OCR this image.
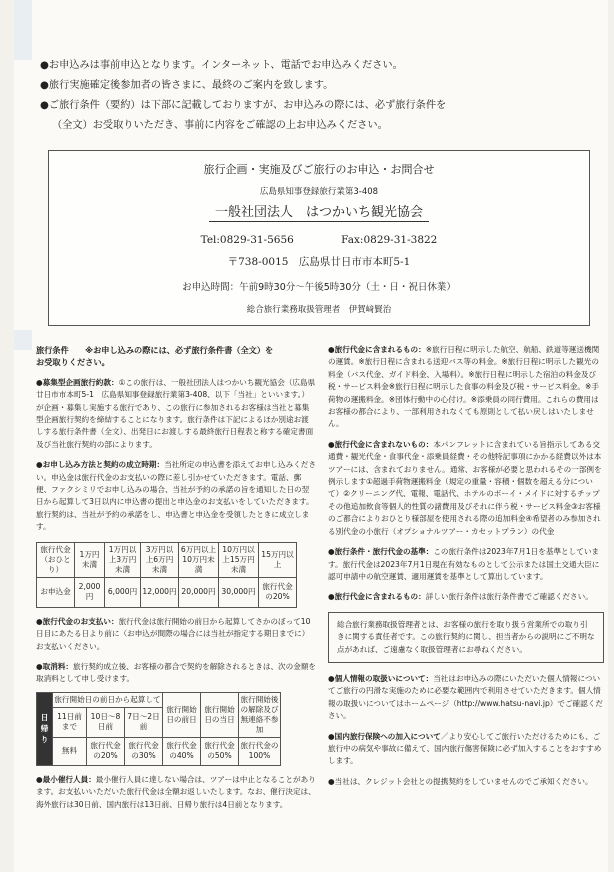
●お申込みは事前申込となります。インターネット、電話でお申込みください。
●旅行実施確定後参加者の皆さまに、最終のご案内を致します。
●ご旅行条件（要約）は下部に記載しておりますが、お申込みの際には、必ず旅行条件を
（全文）お受取りいただき、事前に内容をご確認の上お申込みください。
旅行企画・実施及びご旅行のお申込・お問合せ
広島県知事登録旅行業第3-408
一般社団法人　はつかいち観光協会
Tel:0829-31-5656	Fax:0829-31-3822
〒738-0015　広島県廿日市市本町5-1
お申込時間：午前9時30分～午後5時30分（土・日・祝日休業）
総合旅行業務取扱管理者　伊賀﨑賢治
旅行条件　　※お申し込みの際には、必ず旅行条件書（全文）を
お受取りください。
●募集型企画旅行約款：①この旅行は、一般社団法人はつかいち観光協会（広島県廿日市市本町5-1　広島県知事登録旅行業第3-408、以下「当社」といいます。）が企画・募集し実施する旅行であり、この旅行に参加されるお客様は当社と募集型企画旅行契約を締結することになります。旅行条件は下記によるほか別途お渡しする旅行条件書（全文）、出発日にお渡しする最終旅行日程表と称する確定書面及び当社旅行契約の部によります。
●お申し込み方法と契約の成立時期：当社所定の申込書を添えてお申し込みください。申込金は旅行代金のお支払いの際に差し引かせていただきます。電話、郵便、ファクシミリでお申し込みの場合、当社が予約の承諾の旨を通知した日の翌日から起算して3日以内に申込書の提出と申込金のお支払いをしていただきます。旅行契約は、当社が予約の承諾をし、申込書と申込金を受領したときに成立します。
旅行代金（おひとり）	1万円未満	1万円以上3万円未満	3万円以上6万円未満	6万円以上10万円未満	10万円以上15万円未満	15万円以上
お申込金	2,000円	6,000円	12,000円	20,000円	30,000円	旅行代金の20%
●旅行代金のお支払い：旅行代金は旅行開始の前日から起算してさかのぼって10日目にあたる日より前に（お申込が間際の場合には当社が指定する期日までに）お支払いください。
●取消料：旅行契約成立後、お客様の都合で契約を解除されるときは、次の金額を取消料として申し受けます。
日帰り	旅行開始日の前日から起算して			旅行開始日の前日	旅行開始日の当日	旅行開始後の解除及び無連絡不参加
	11日前まで	10日～8日前	7日～2日前			
	無料	旅行代金の20%	旅行代金の30%	旅行代金の40%	旅行代金の50%	旅行代金の100%
●最小催行人員：最小催行人員に達しない場合は、ツアーは中止となることがあります。お支払いいただいた旅行代金は全額お返しいたします。なお、催行決定は、海外旅行は30日前、国内旅行は13日前、日帰り旅行は4日前となります。
●旅行代金に含まれるもの：※旅行日程に明示した航空、航船、鉄道等運送機関の運賃。※旅行日程に含まれる送迎バス等の料金。※旅行日程に明示した観光の料金（バス代金、ガイド料金、入場料）。※旅行日程に明示した宿泊の料金及び税・サービス料金※旅行日程に明示した食事の料金及び税・サービス料金。※手荷物の運搬料金。※団体行動中の心付け。※添乗員の同行費用。これらの費用はお客様の都合により、一部利用されなくても原則として払い戻しはいたしません。
●旅行代金に含まれないもの：本パンフレットに含まれている旨指示してある交通費・観光代金・食事代金・添乗員経費・その他特記事項にかかる経費以外は本ツアーには、含まれておりません。通常、お客様が必要と思われるその一部例を例示します①超過手荷物運搬料金（規定の重量・容積・個数を超える分について）②クリーニング代、電報、電話代、ホテルのボーイ・メイドに対するチップその他追加飲食等個人的性質の諸費用及びそれに伴う税・サービス料金③お客様のご都合によりおひとり様部屋を使用される際の追加料金④希望者のみ参加される別代金の小旅行（オプショナルツアー・カセットプラン）の代金
●旅行条件・旅行代金の基準：この旅行条件は2023年7月1日を基準としています。旅行代金は2023年7月1日現在有効なものとして公示または国土交通大臣に認可申請中の航空運賃、適用運賃を基準として算出しています。
●旅行代金に含まれるもの：詳しい旅行条件は旅行条件書でご確認ください。
総合旅行業務取扱管理者とは、お客様の旅行を取り扱う営業所での取り引きに関する責任者です。この旅行契約に関し、担当者からの説明にご不明な点があれば、ご遠慮なく取扱管理者にお尋ねください。
●個人情報の取扱いについて：当社はお申込みの際にいただいた個人情報についてご旅行の円滑な実施のために必要な範囲内で利用させていただきます。個人情報の取扱いについてはホームページ（http://www.hatsu-navi.jp）でご確認ください。
●国内旅行保険への加入について／より安心してご旅行いただけるためにも、ご旅行中の病気や事故に備えて、国内旅行傷害保険に必ず加入することをおすすめします。
●当社は、クレジット会社との提携契約をしていませんのでご承知ください。
